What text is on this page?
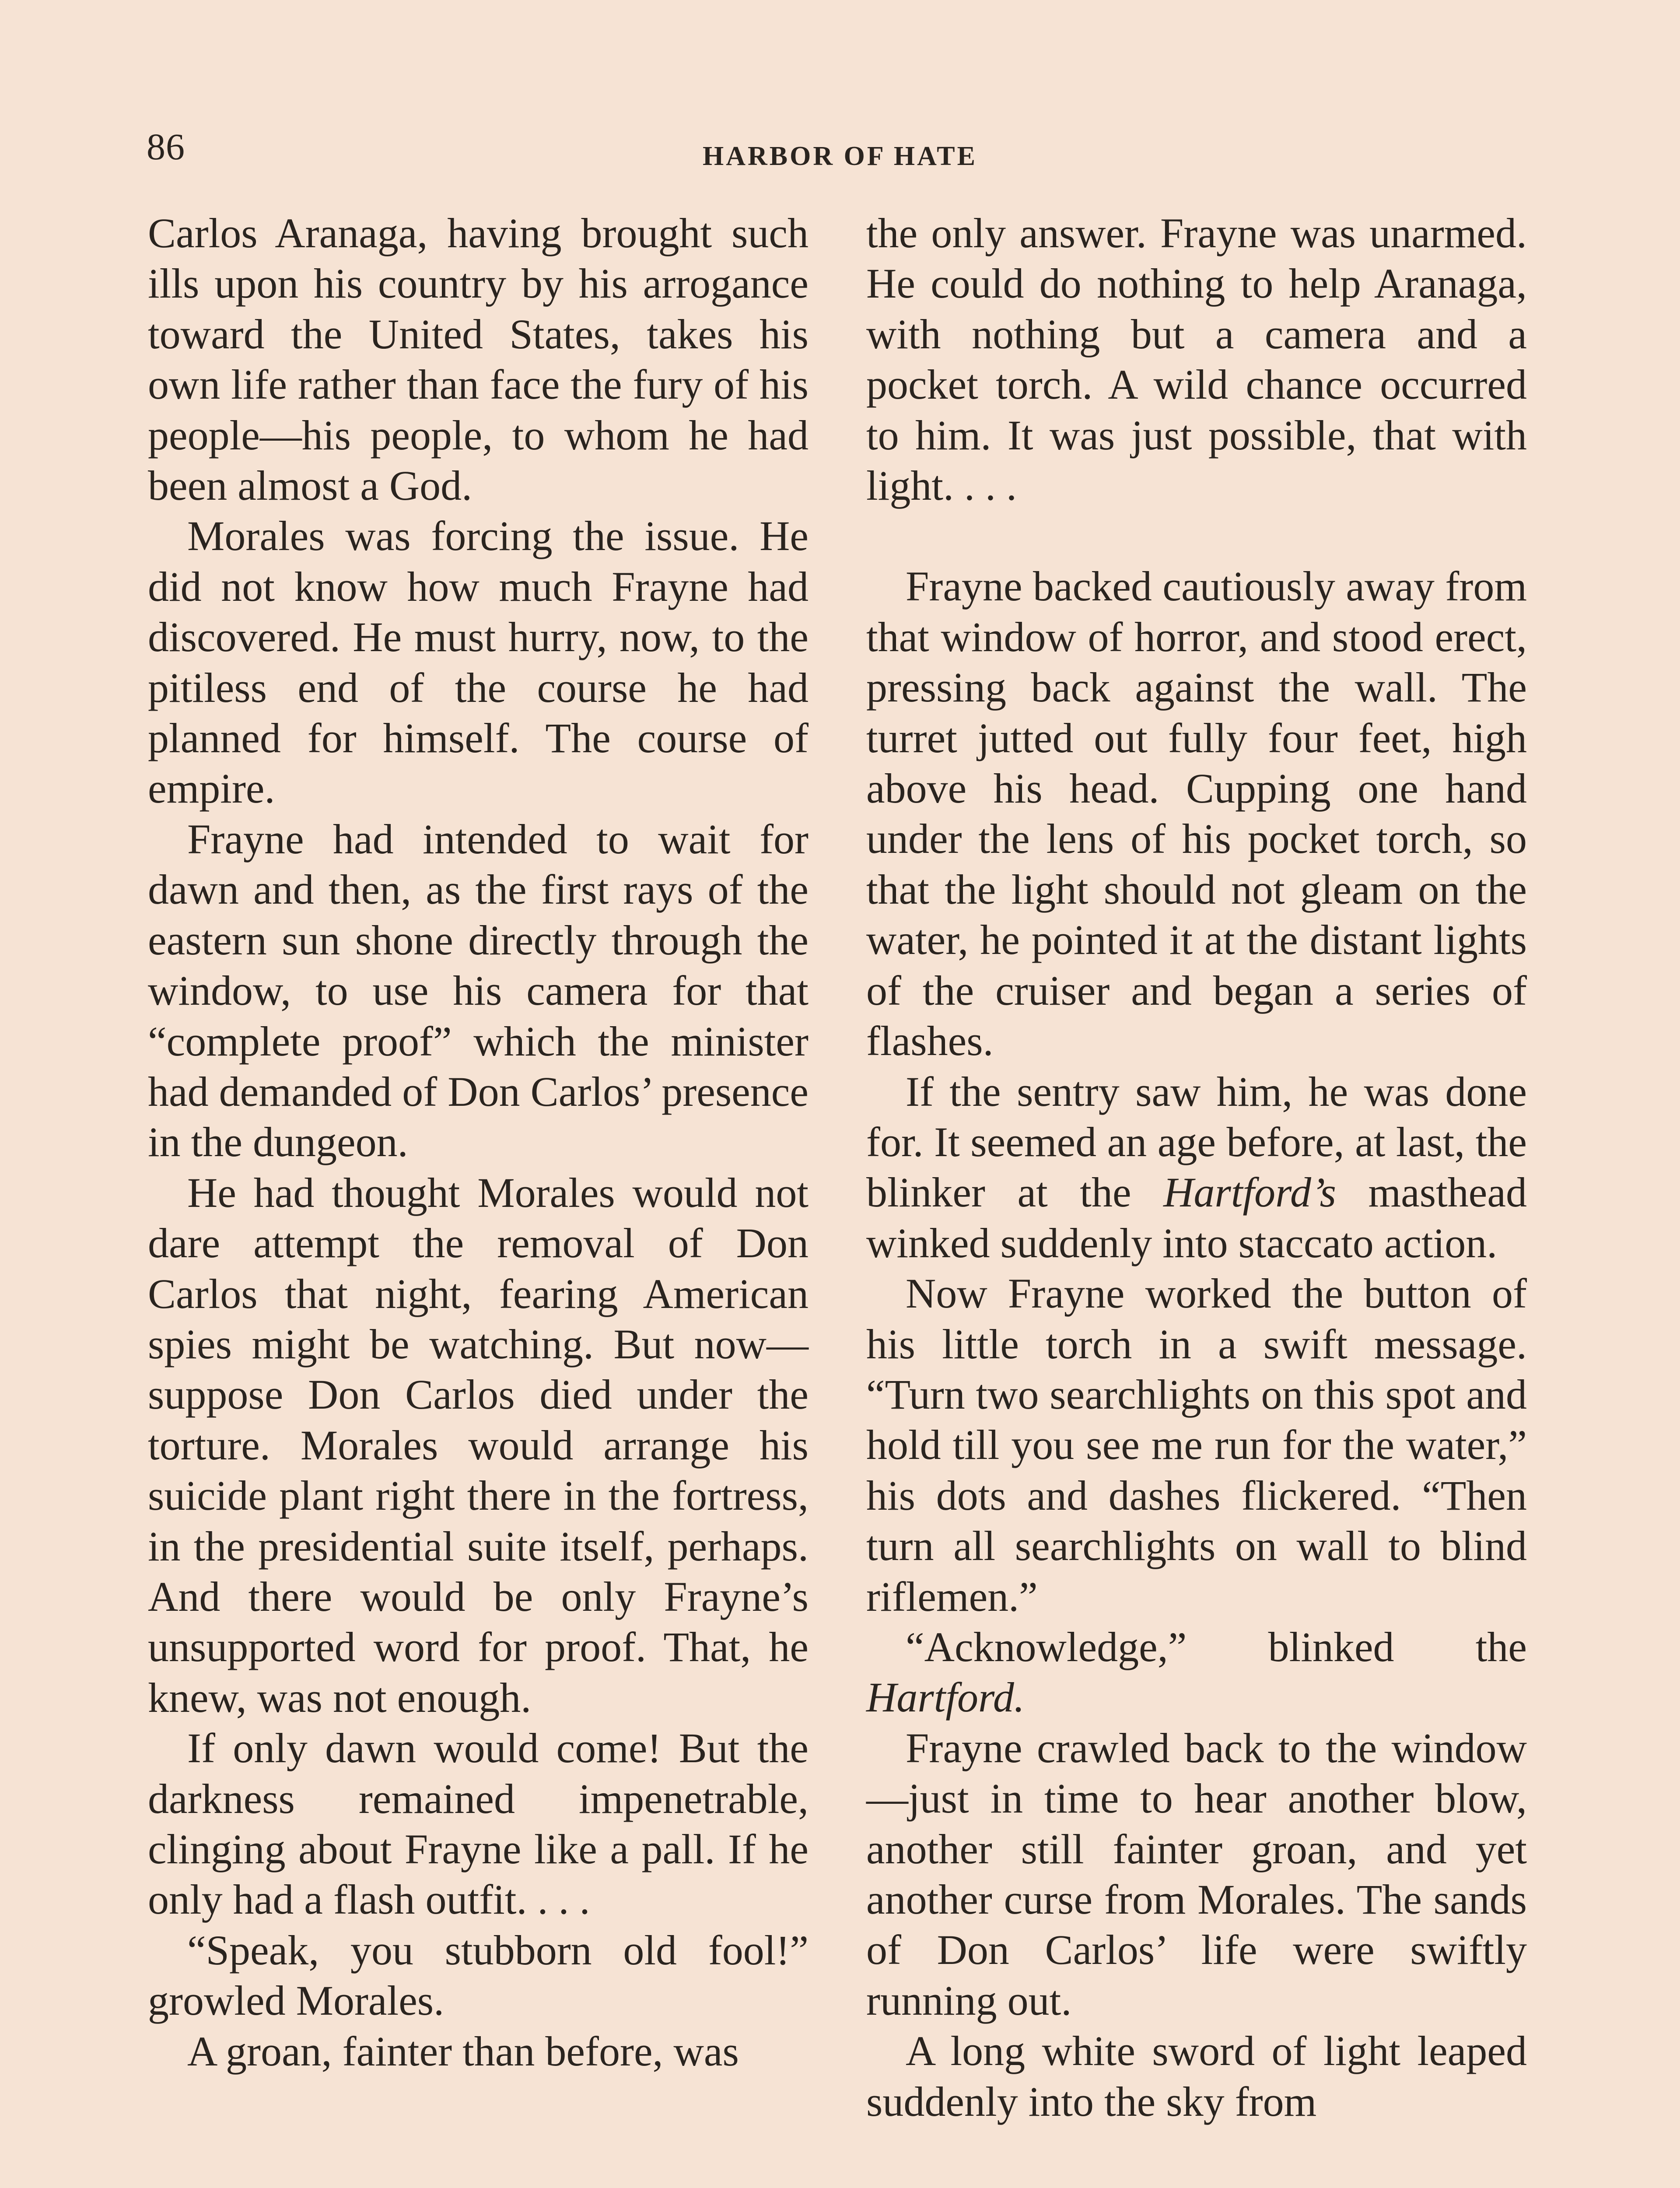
86	HARBOR OF HATE

Carlos Aranaga, having brought such ills upon his country by his arrogance toward the United States, takes his own life rather than face the fury of his people—his people, to whom he had been almost a God.

Morales was forcing the issue. He did not know how much Frayne had discovered. He must hurry, now, to the pitiless end of the course he had planned for himself. The course of empire.

Frayne had intended to wait for dawn and then, as the first rays of the eastern sun shone directly through the window, to use his camera for that “complete proof” which the minister had demanded of Don Carlos’ presence in the dungeon.

He had thought Morales would not dare attempt the removal of Don Carlos that night, fearing American spies might be watching. But now—suppose Don Carlos died under the torture. Morales would arrange his suicide plant right there in the fortress, in the presidential suite itself, perhaps. And there would be only Frayne’s unsupported word for proof. That, he knew, was not enough.

If only dawn would come! But the darkness remained impenetrable, clinging about Frayne like a pall. If he only had a flash outfit. . . .

“Speak, you stubborn old fool!” growled Morales.

A groan, fainter than before, was

the only answer. Frayne was unarmed. He could do nothing to help Aranaga, with nothing but a camera and a pocket torch. A wild chance occurred to him. It was just possible, that with light. . . .

Frayne backed cautiously away from that window of horror, and stood erect, pressing back against the wall. The turret jutted out fully four feet, high above his head. Cupping one hand under the lens of his pocket torch, so that the light should not gleam on the water, he pointed it at the distant lights of the cruiser and began a series of flashes.

If the sentry saw him, he was done for. It seemed an age before, at last, the blinker at the Hartford’s masthead winked suddenly into staccato action.

Now Frayne worked the button of his little torch in a swift message. “Turn two searchlights on this spot and hold till you see me run for the water,” his dots and dashes flickered. “Then turn all searchlights on wall to blind riflemen.”

“Acknowledge,” blinked the Hartford.

Frayne crawled back to the window—just in time to hear another blow, another still fainter groan, and yet another curse from Morales. The sands of Don Carlos’ life were swiftly running out.

A long white sword of light leaped suddenly into the sky from
